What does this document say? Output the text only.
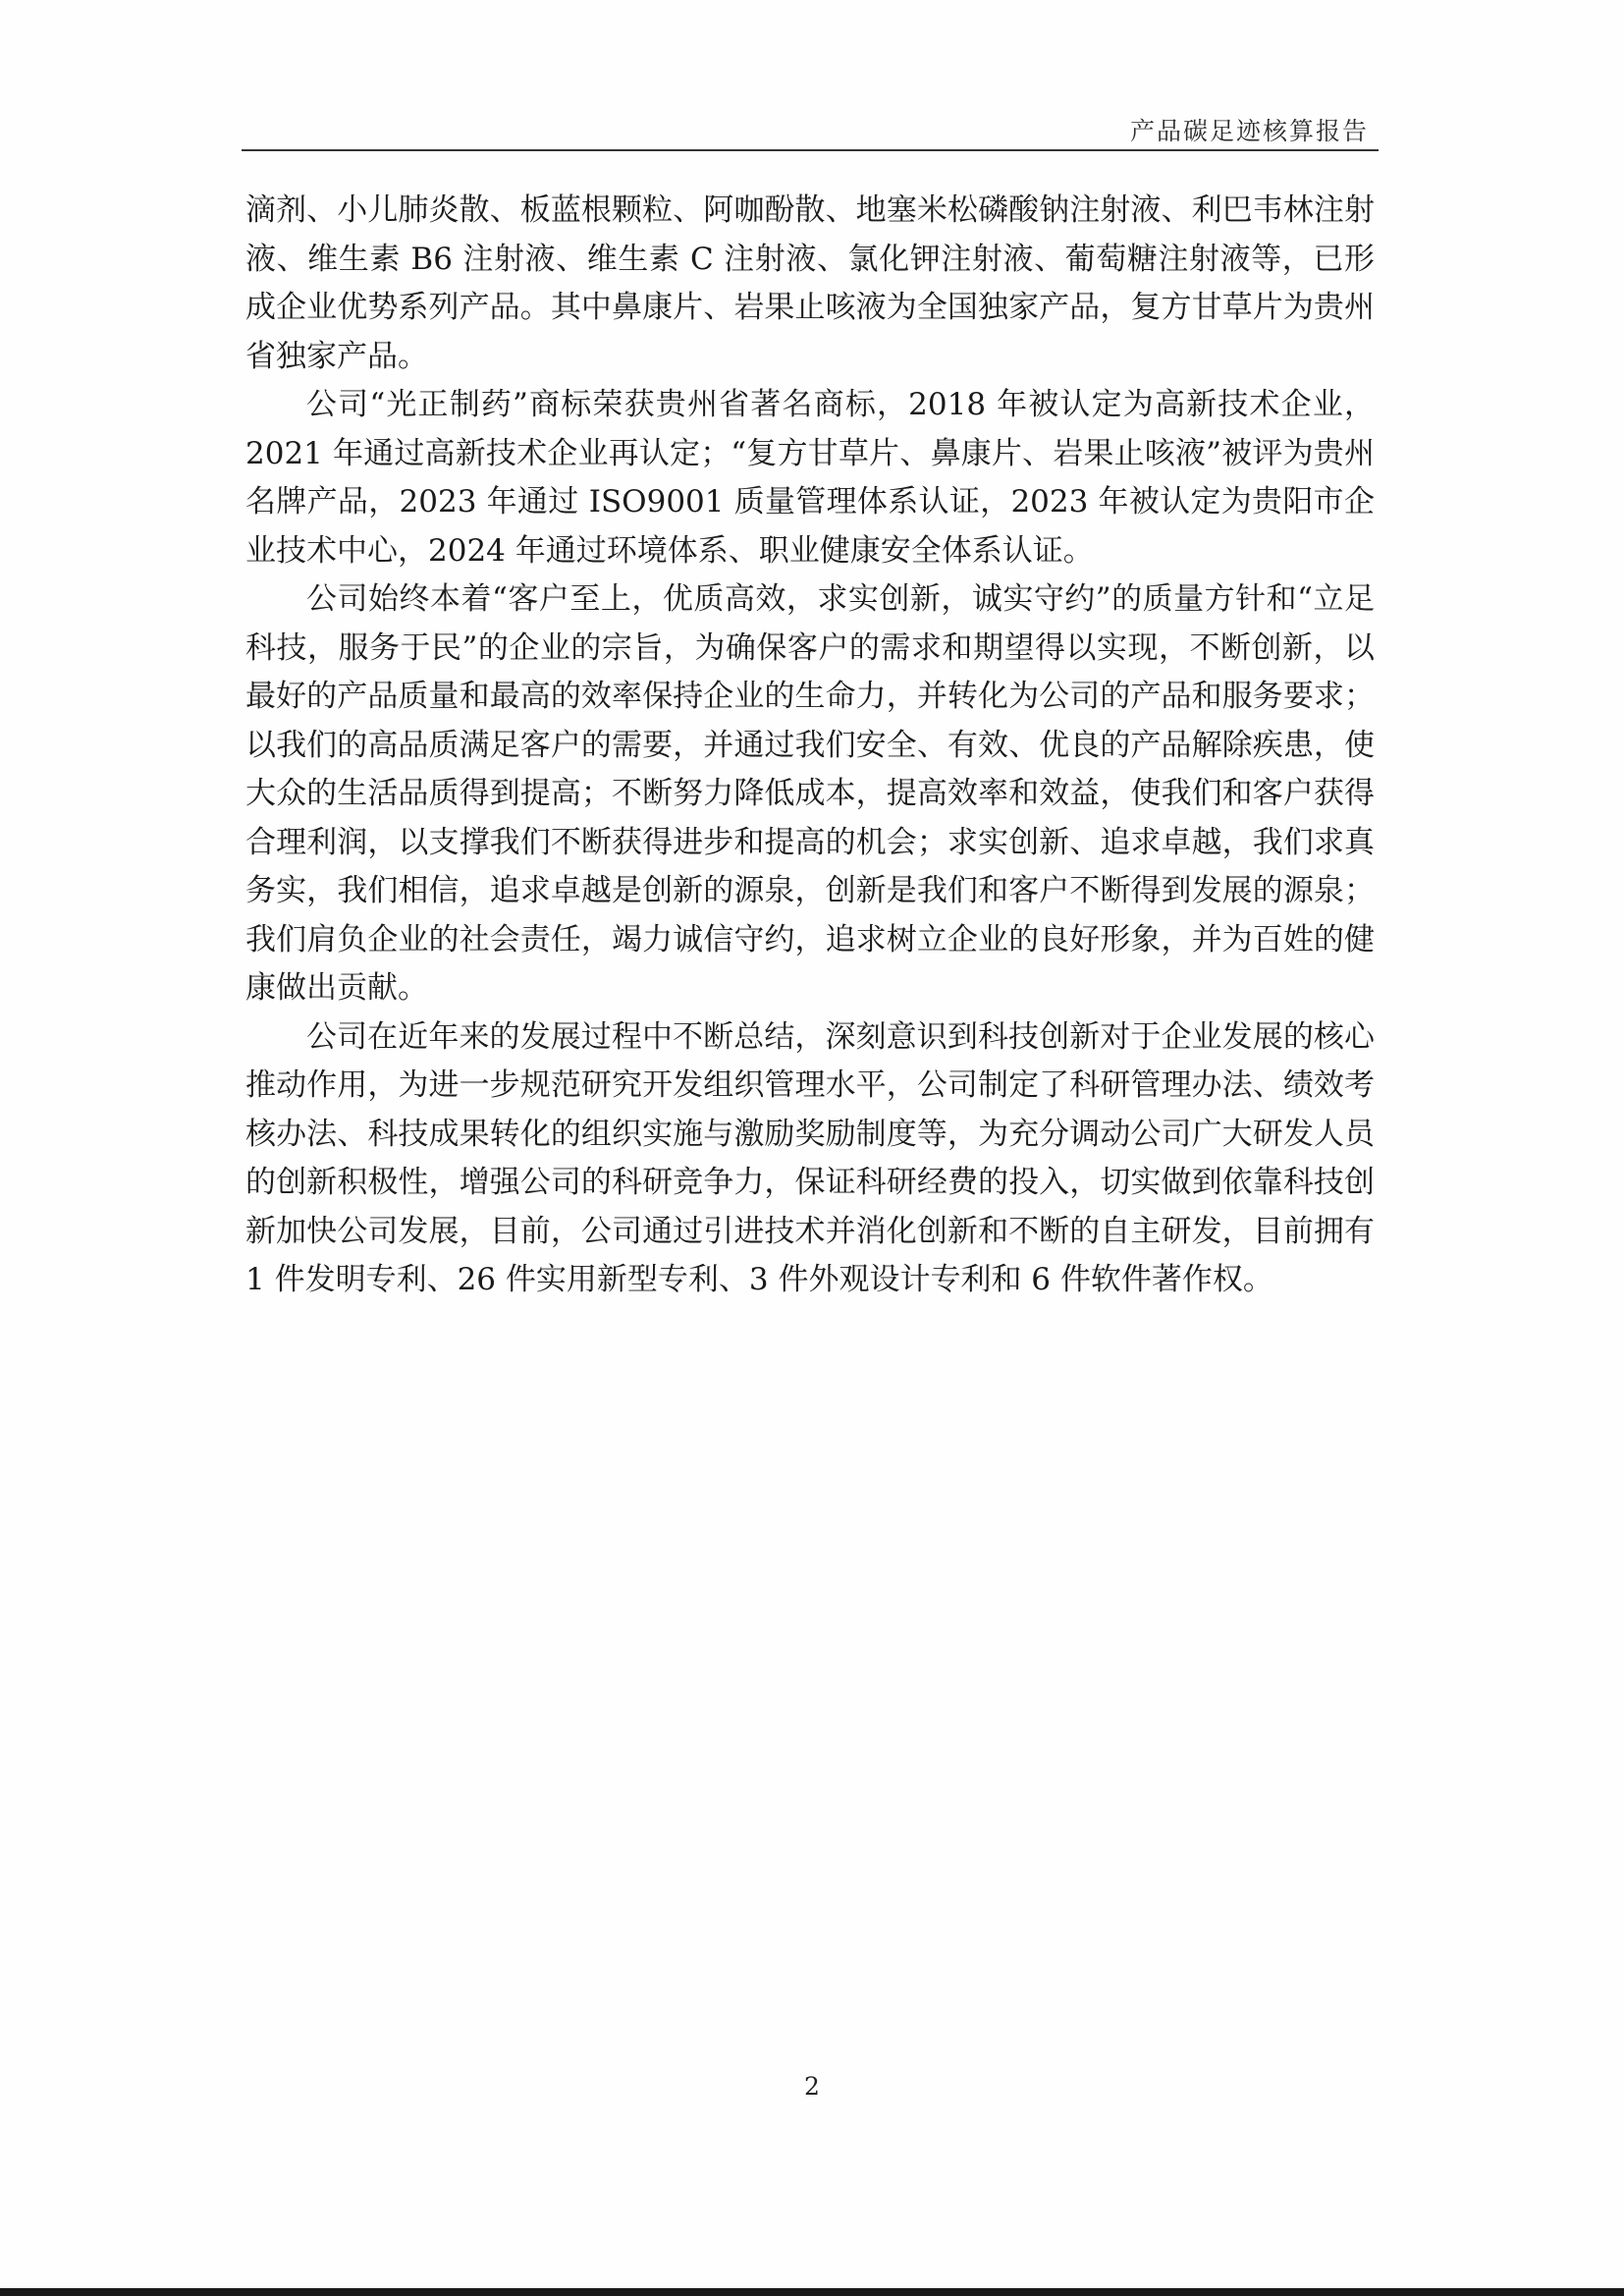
产品碳足迹核算报告

滴剂、小儿肺炎散、板蓝根颗粒、阿咖酚散、地塞米松磷酸钠注射液、利巴韦林注射液、维生素 B6 注射液、维生素 C 注射液、氯化钾注射液、葡萄糖注射液等，已形成企业优势系列产品。其中鼻康片、岩果止咳液为全国独家产品，复方甘草片为贵州省独家产品。

公司“光正制药”商标荣获贵州省著名商标，2018 年被认定为高新技术企业，2021 年通过高新技术企业再认定；“复方甘草片、鼻康片、岩果止咳液”被评为贵州名牌产品，2023 年通过 ISO9001 质量管理体系认证，2023 年被认定为贵阳市企业技术中心，2024 年通过环境体系、职业健康安全体系认证。

公司始终本着“客户至上，优质高效，求实创新，诚实守约”的质量方针和“立足科技，服务于民”的企业的宗旨，为确保客户的需求和期望得以实现，不断创新，以最好的产品质量和最高的效率保持企业的生命力，并转化为公司的产品和服务要求；以我们的高品质满足客户的需要，并通过我们安全、有效、优良的产品解除疾患，使大众的生活品质得到提高；不断努力降低成本，提高效率和效益，使我们和客户获得合理利润，以支撑我们不断获得进步和提高的机会；求实创新、追求卓越，我们求真务实，我们相信，追求卓越是创新的源泉，创新是我们和客户不断得到发展的源泉；我们肩负企业的社会责任，竭力诚信守约，追求树立企业的良好形象，并为百姓的健康做出贡献。

公司在近年来的发展过程中不断总结，深刻意识到科技创新对于企业发展的核心推动作用，为进一步规范研究开发组织管理水平，公司制定了科研管理办法、绩效考核办法、科技成果转化的组织实施与激励奖励制度等，为充分调动公司广大研发人员的创新积极性，增强公司的科研竞争力，保证科研经费的投入，切实做到依靠科技创新加快公司发展，目前，公司通过引进技术并消化创新和不断的自主研发，目前拥有 1 件发明专利、26 件实用新型专利、3 件外观设计专利和 6 件软件著作权。

2
